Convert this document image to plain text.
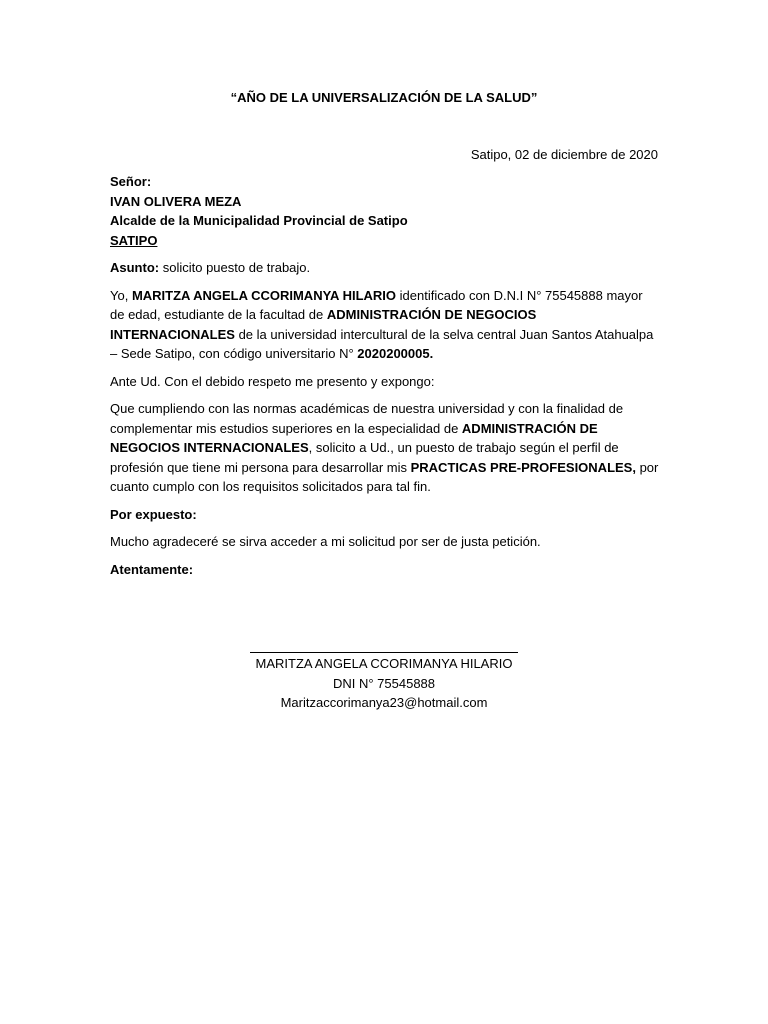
“AÑO DE LA UNIVERSALIZACIÓN DE LA SALUD”
Satipo, 02 de diciembre de 2020

Señor:

IVAN OLIVERA MEZA

Alcalde de la Municipalidad Provincial de Satipo

SATIPO

Asunto: solicito puesto de trabajo.

Yo, MARITZA ANGELA CCORIMANYA HILARIO identificado con D.N.I N° 75545888 mayor de edad, estudiante de la facultad de ADMINISTRACIÓN DE NEGOCIOS INTERNACIONALES de la universidad intercultural de la selva central Juan Santos Atahualpa – Sede Satipo, con código universitario N° 2020200005.

Ante Ud. Con el debido respeto me presento y expongo:

Que cumpliendo con las normas académicas de nuestra universidad y con la finalidad de complementar mis estudios superiores en la especialidad de ADMINISTRACIÓN DE NEGOCIOS INTERNACIONALES, solicito a Ud., un puesto de trabajo según el perfil de profesión que tiene mi persona para desarrollar mis PRACTICAS PRE-PROFESIONALES, por cuanto cumplo con los requisitos solicitados para tal fin.

Por expuesto:

Mucho agradeceré se sirva acceder a mi solicitud por ser de justa petición.

Atentamente:

MARITZA ANGELA CCORIMANYA HILARIO
DNI N° 75545888
Maritzaccorimanya23@hotmail.com
